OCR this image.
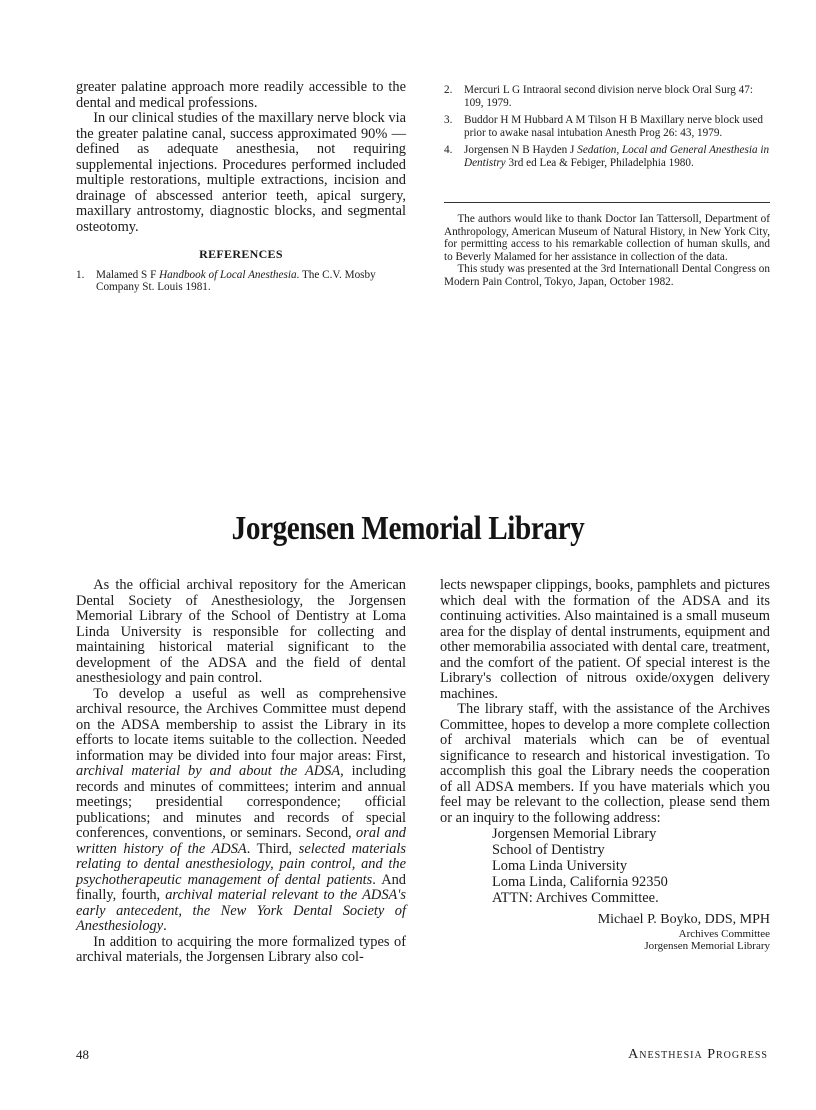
greater palatine approach more readily accessible to the dental and medical professions.

In our clinical studies of the maxillary nerve block via the greater palatine canal, success approximated 90% — defined as adequate anesthesia, not requiring supplemental injections. Procedures performed included multiple restorations, multiple extractions, incision and drainage of abscessed anterior teeth, apical surgery, maxillary antrostomy, diagnostic blocks, and segmental osteotomy.

REFERENCES
1. Malamed S F Handbook of Local Anesthesia. The C.V. Mosby Company St. Louis 1981.
2. Mercuri L G Intraoral second division nerve block Oral Surg 47: 109, 1979.
3. Buddor H M Hubbard A M Tilson H B Maxillary nerve block used prior to awake nasal intubation Anesth Prog 26: 43, 1979.
4. Jorgensen N B Hayden J Sedation, Local and General Anesthesia in Dentistry 3rd ed Lea & Febiger, Philadelphia 1980.

The authors would like to thank Doctor Ian Tattersoll, Department of Anthropology, American Museum of Natural History, in New York City, for permitting access to his remarkable collection of human skulls, and to Beverly Malamed for her assistance in collection of the data.

This study was presented at the 3rd Internationall Dental Congress on Modern Pain Control, Tokyo, Japan, October 1982.

Jorgensen Memorial Library

As the official archival repository for the American Dental Society of Anesthesiology, the Jorgensen Memorial Library of the School of Dentistry at Loma Linda University is responsible for collecting and maintaining historical material significant to the development of the ADSA and the field of dental anesthesiology and pain control.

To develop a useful as well as comprehensive archival resource, the Archives Committee must depend on the ADSA membership to assist the Library in its efforts to locate items suitable to the collection. Needed information may be divided into four major areas: First, archival material by and about the ADSA, including records and minutes of committees; interim and annual meetings; presidential correspondence; official publications; and minutes and records of special conferences, conventions, or seminars. Second, oral and written history of the ADSA. Third, selected materials relating to dental anesthesiology, pain control, and the psychotherapeutic management of dental patients. And finally, fourth, archival material relevant to the ADSA's early antecedent, the New York Dental Society of Anesthesiology.

In addition to acquiring the more formalized types of archival materials, the Jorgensen Library also col-

lects newspaper clippings, books, pamphlets and pictures which deal with the formation of the ADSA and its continuing activities. Also maintained is a small museum area for the display of dental instruments, equipment and other memorabilia associated with dental care, treatment, and the comfort of the patient. Of special interest is the Library's collection of nitrous oxide/oxygen delivery machines.

The library staff, with the assistance of the Archives Committee, hopes to develop a more complete collection of archival materials which can be of eventual significance to research and historical investigation. To accomplish this goal the Library needs the cooperation of all ADSA members. If you have materials which you feel may be relevant to the collection, please send them or an inquiry to the following address:

Jorgensen Memorial Library
School of Dentistry
Loma Linda University
Loma Linda, California 92350
ATTN: Archives Committee.
Michael P. Boyko, DDS, MPH
Archives Committee
Jorgensen Memorial Library
48	Anesthesia Progress
